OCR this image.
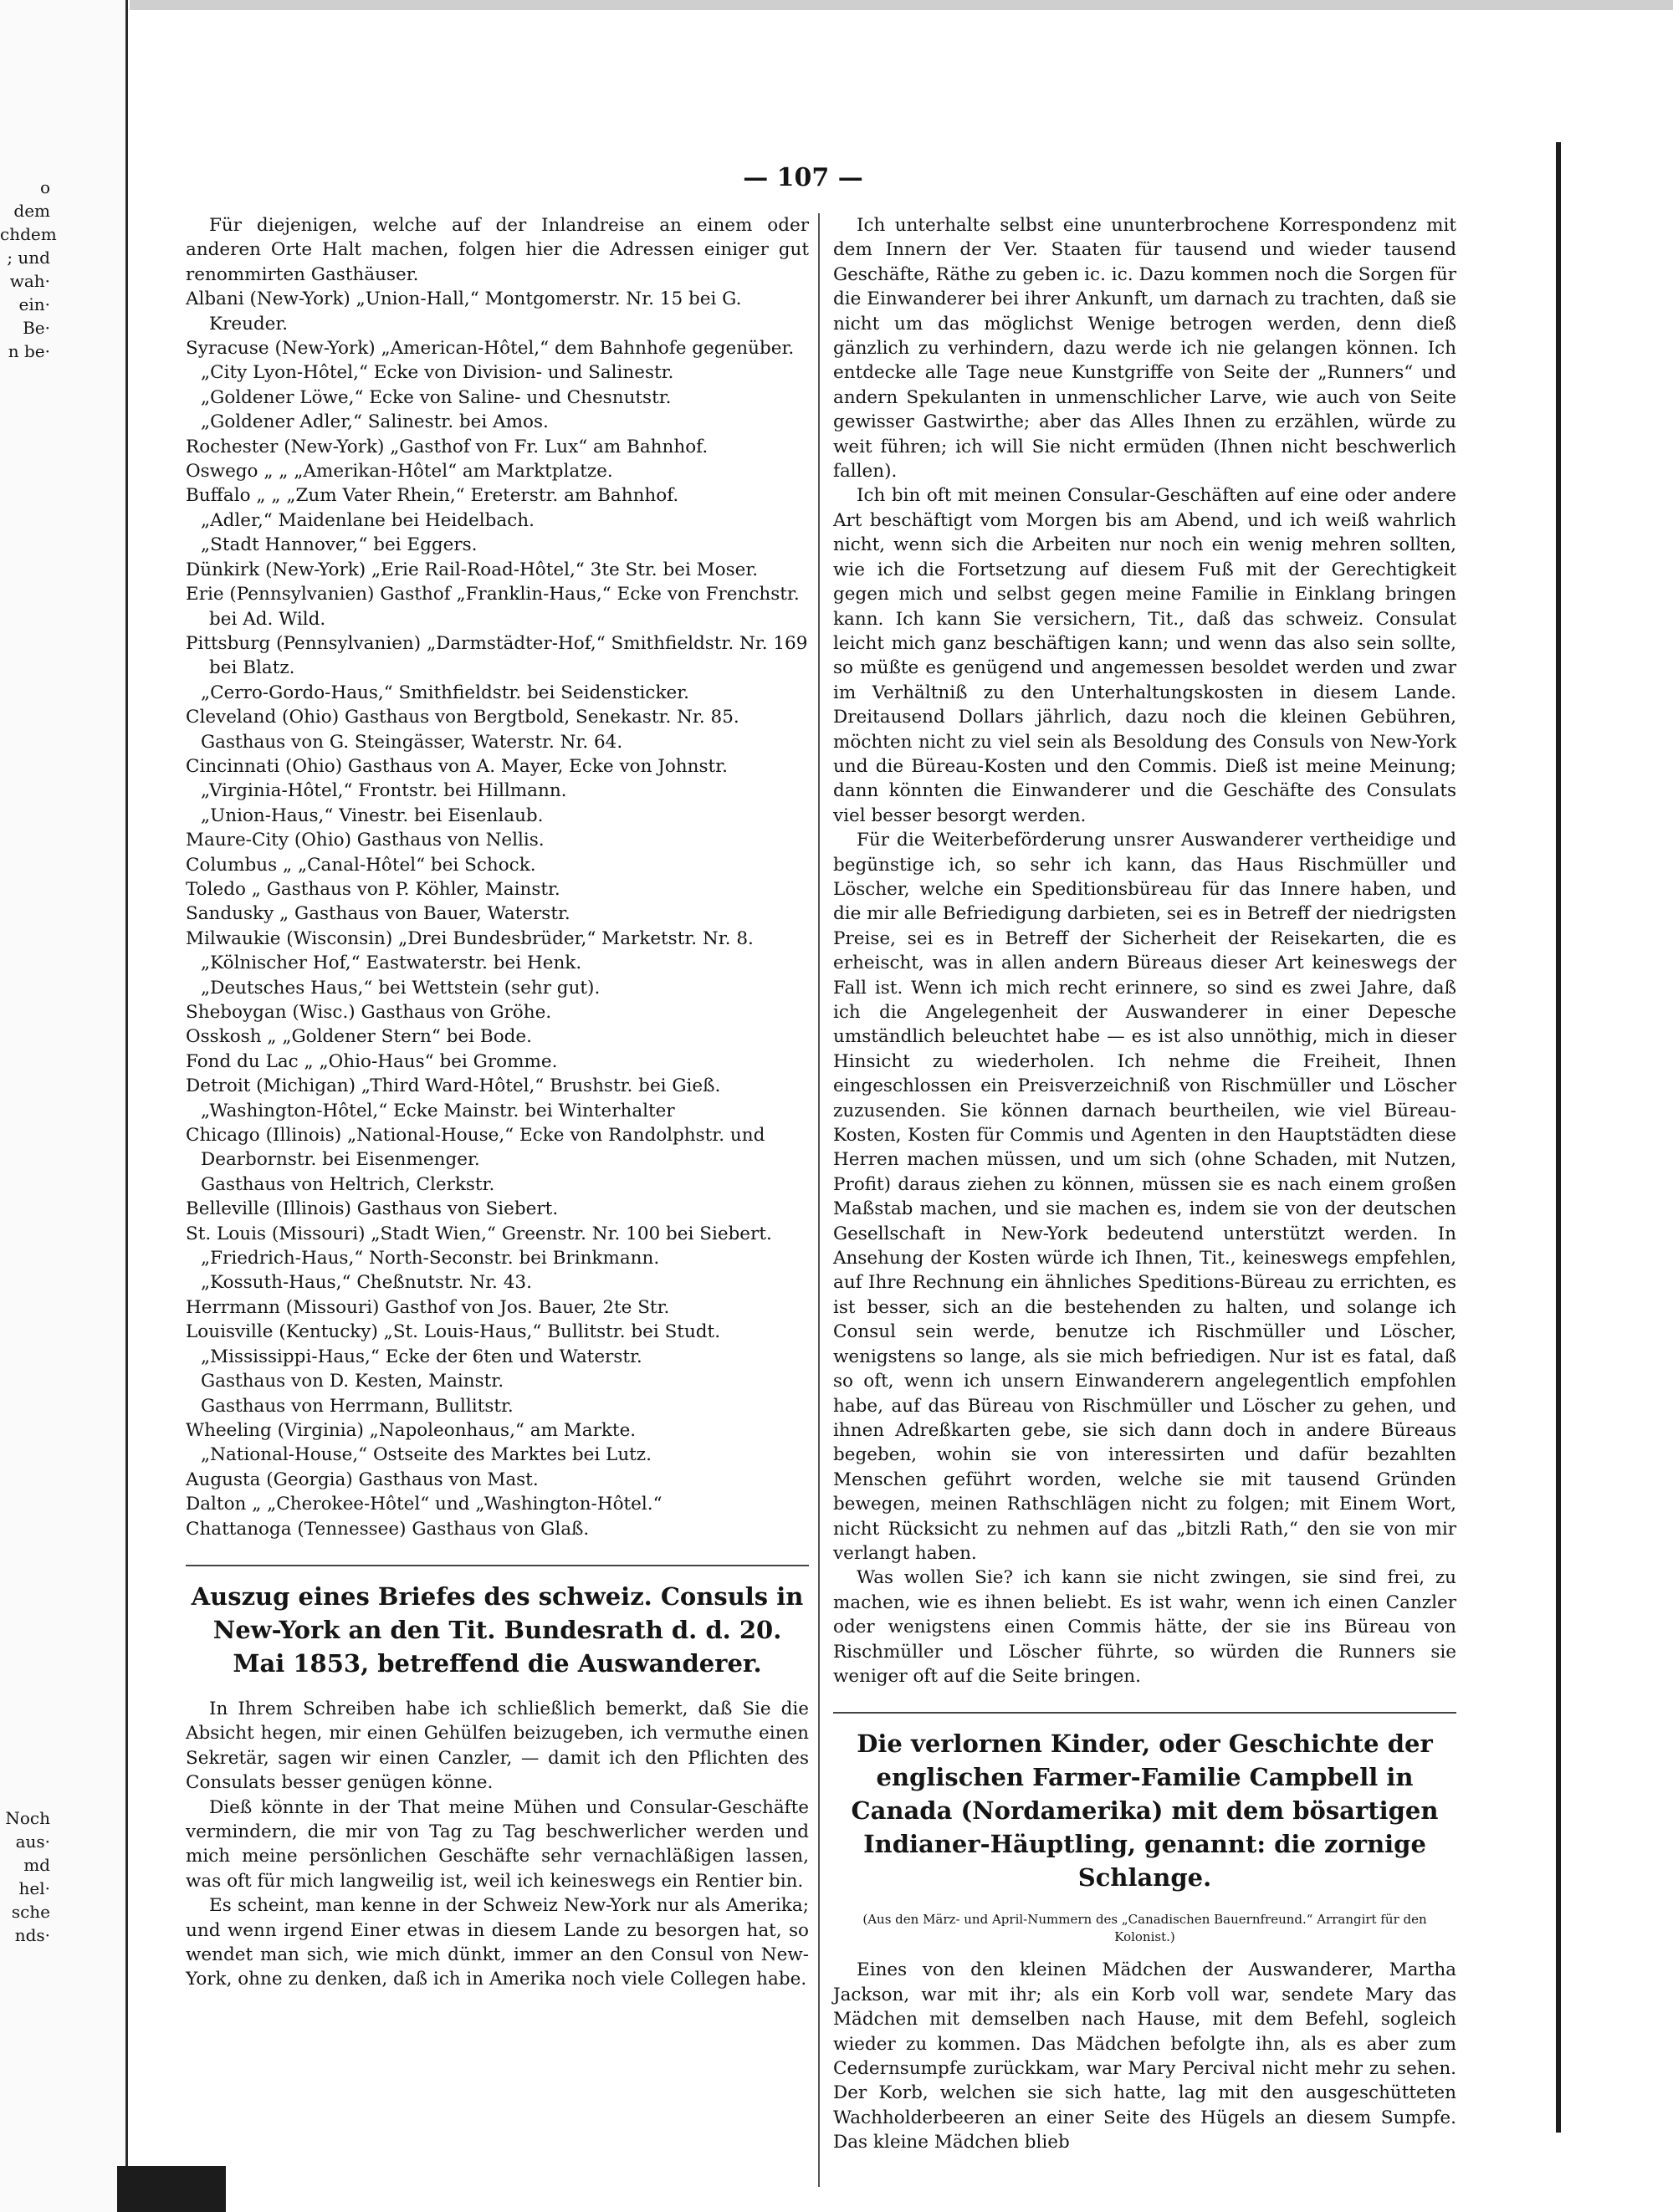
o dem
chdem
; und
wah·
ein·
Be·
n be·
Noch
aus·
md
hel·
sche
nds·
— 107 —

Für diejenigen, welche auf der Inlandreise an einem oder anderen Orte Halt machen, folgen hier die Adressen einiger gut renommirten Gasthäuser.

Albani (New-York) „Union-Hall,“ Montgomerstr. Nr. 15 bei G. Kreuder.

Syracuse (New-York) „American-Hôtel,“ dem Bahnhofe gegenüber.

„City Lyon-Hôtel,“ Ecke von Division- und Salinestr.

„Goldener Löwe,“ Ecke von Saline- und Chesnutstr.

„Goldener Adler,“ Salinestr. bei Amos.

Rochester (New-York) „Gasthof von Fr. Lux“ am Bahnhof.

Oswego „ „ „Amerikan-Hôtel“ am Marktplatze.

Buffalo „ „ „Zum Vater Rhein,“ Ereterstr. am Bahnhof.

„Adler,“ Maidenlane bei Heidelbach.

„Stadt Hannover,“ bei Eggers.

Dünkirk (New-York) „Erie Rail-Road-Hôtel,“ 3te Str. bei Moser.

Erie (Pennsylvanien) Gasthof „Franklin-Haus,“ Ecke von Frenchstr. bei Ad. Wild.

Pittsburg (Pennsylvanien) „Darmstädter-Hof,“ Smithfieldstr. Nr. 169 bei Blatz.

„Cerro-Gordo-Haus,“ Smithfieldstr. bei Seidensticker.

Cleveland (Ohio) Gasthaus von Bergtbold, Senekastr. Nr. 85.

Gasthaus von G. Steingässer, Waterstr. Nr. 64.

Cincinnati (Ohio) Gasthaus von A. Mayer, Ecke von Johnstr.

„Virginia-Hôtel,“ Frontstr. bei Hillmann.

„Union-Haus,“ Vinestr. bei Eisenlaub.

Maure-City (Ohio) Gasthaus von Nellis.

Columbus „ „Canal-Hôtel“ bei Schock.

Toledo „ Gasthaus von P. Köhler, Mainstr.

Sandusky „ Gasthaus von Bauer, Waterstr.

Milwaukie (Wisconsin) „Drei Bundesbrüder,“ Marketstr. Nr. 8.

„Kölnischer Hof,“ Eastwaterstr. bei Henk.

„Deutsches Haus,“ bei Wettstein (sehr gut).

Sheboygan (Wisc.) Gasthaus von Gröhe.

Osskosh „ „Goldener Stern“ bei Bode.

Fond du Lac „ „Ohio-Haus“ bei Gromme.

Detroit (Michigan) „Third Ward-Hôtel,“ Brushstr. bei Gieß.

„Washington-Hôtel,“ Ecke Mainstr. bei Winterhalter

Chicago (Illinois) „National-House,“ Ecke von Randolphstr. und

Dearbornstr. bei Eisenmenger.

Gasthaus von Heltrich, Clerkstr.

Belleville (Illinois) Gasthaus von Siebert.

St. Louis (Missouri) „Stadt Wien,“ Greenstr. Nr. 100 bei Siebert.

„Friedrich-Haus,“ North-Seconstr. bei Brinkmann.

„Kossuth-Haus,“ Cheßnutstr. Nr. 43.

Herrmann (Missouri) Gasthof von Jos. Bauer, 2te Str.

Louisville (Kentucky) „St. Louis-Haus,“ Bullitstr. bei Studt.

„Mississippi-Haus,“ Ecke der 6ten und Waterstr.

Gasthaus von D. Kesten, Mainstr.

Gasthaus von Herrmann, Bullitstr.

Wheeling (Virginia) „Napoleonhaus,“ am Markte.

„National-House,“ Ostseite des Marktes bei Lutz.

Augusta (Georgia) Gasthaus von Mast.

Dalton „ „Cherokee-Hôtel“ und „Washington-Hôtel.“

Chattanoga (Tennessee) Gasthaus von Glaß.

Auszug eines Briefes des schweiz. Consuls in New-York an den Tit. Bundesrath d. d. 20. Mai 1853, betreffend die Auswanderer.

In Ihrem Schreiben habe ich schließlich bemerkt, daß Sie die Absicht hegen, mir einen Gehülfen beizugeben, ich vermuthe einen Sekretär, sagen wir einen Canzler, — damit ich den Pflichten des Consulats besser genügen könne.

Dieß könnte in der That meine Mühen und Consular-Geschäfte vermindern, die mir von Tag zu Tag beschwerlicher werden und mich meine persönlichen Geschäfte sehr vernachläßigen lassen, was oft für mich langweilig ist, weil ich keineswegs ein Rentier bin.

Es scheint, man kenne in der Schweiz New-York nur als Amerika; und wenn irgend Einer etwas in diesem Lande zu besorgen hat, so wendet man sich, wie mich dünkt, immer an den Consul von New-York, ohne zu denken, daß ich in Amerika noch viele Collegen habe.

Ich unterhalte selbst eine ununterbrochene Korrespondenz mit dem Innern der Ver. Staaten für tausend und wieder tausend Geschäfte, Räthe zu geben ic. ic. Dazu kommen noch die Sorgen für die Einwanderer bei ihrer Ankunft, um darnach zu trachten, daß sie nicht um das möglichst Wenige betrogen werden, denn dieß gänzlich zu verhindern, dazu werde ich nie gelangen können. Ich entdecke alle Tage neue Kunstgriffe von Seite der „Runners“ und andern Spekulanten in unmenschlicher Larve, wie auch von Seite gewisser Gastwirthe; aber das Alles Ihnen zu erzählen, würde zu weit führen; ich will Sie nicht ermüden (Ihnen nicht beschwerlich fallen).

Ich bin oft mit meinen Consular-Geschäften auf eine oder andere Art beschäftigt vom Morgen bis am Abend, und ich weiß wahrlich nicht, wenn sich die Arbeiten nur noch ein wenig mehren sollten, wie ich die Fortsetzung auf diesem Fuß mit der Gerechtigkeit gegen mich und selbst gegen meine Familie in Einklang bringen kann. Ich kann Sie versichern, Tit., daß das schweiz. Consulat leicht mich ganz beschäftigen kann; und wenn das also sein sollte, so müßte es genügend und angemessen besoldet werden und zwar im Verhältniß zu den Unterhaltungskosten in diesem Lande. Dreitausend Dollars jährlich, dazu noch die kleinen Gebühren, möchten nicht zu viel sein als Besoldung des Consuls von New-York und die Büreau-Kosten und den Commis. Dieß ist meine Meinung; dann könnten die Einwanderer und die Geschäfte des Consulats viel besser besorgt werden.

Für die Weiterbeförderung unsrer Auswanderer vertheidige und begünstige ich, so sehr ich kann, das Haus Rischmüller und Löscher, welche ein Speditionsbüreau für das Innere haben, und die mir alle Befriedigung darbieten, sei es in Betreff der niedrigsten Preise, sei es in Betreff der Sicherheit der Reisekarten, die es erheischt, was in allen andern Büreaus dieser Art keineswegs der Fall ist. Wenn ich mich recht erinnere, so sind es zwei Jahre, daß ich die Angelegenheit der Auswanderer in einer Depesche umständlich beleuchtet habe — es ist also unnöthig, mich in dieser Hinsicht zu wiederholen. Ich nehme die Freiheit, Ihnen eingeschlossen ein Preisverzeichniß von Rischmüller und Löscher zuzusenden. Sie können darnach beurtheilen, wie viel Büreau-Kosten, Kosten für Commis und Agenten in den Hauptstädten diese Herren machen müssen, und um sich (ohne Schaden, mit Nutzen, Profit) daraus ziehen zu können, müssen sie es nach einem großen Maßstab machen, und sie machen es, indem sie von der deutschen Gesellschaft in New-York bedeutend unterstützt werden. In Ansehung der Kosten würde ich Ihnen, Tit., keineswegs empfehlen, auf Ihre Rechnung ein ähnliches Speditions-Büreau zu errichten, es ist besser, sich an die bestehenden zu halten, und solange ich Consul sein werde, benutze ich Rischmüller und Löscher, wenigstens so lange, als sie mich befriedigen. Nur ist es fatal, daß so oft, wenn ich unsern Einwanderern angelegentlich empfohlen habe, auf das Büreau von Rischmüller und Löscher zu gehen, und ihnen Adreßkarten gebe, sie sich dann doch in andere Büreaus begeben, wohin sie von interessirten und dafür bezahlten Menschen geführt worden, welche sie mit tausend Gründen bewegen, meinen Rathschlägen nicht zu folgen; mit Einem Wort, nicht Rücksicht zu nehmen auf das „bitzli Rath,“ den sie von mir verlangt haben.

Was wollen Sie? ich kann sie nicht zwingen, sie sind frei, zu machen, wie es ihnen beliebt. Es ist wahr, wenn ich einen Canzler oder wenigstens einen Commis hätte, der sie ins Büreau von Rischmüller und Löscher führte, so würden die Runners sie weniger oft auf die Seite bringen.

Die verlornen Kinder, oder Geschichte der englischen Farmer-Familie Campbell in Canada (Nordamerika) mit dem bösartigen Indianer-Häuptling, genannt: die zornige Schlange.
(Aus den März- und April-Nummern des „Canadischen Bauernfreund.“ Arrangirt für den Kolonist.)

Eines von den kleinen Mädchen der Auswanderer, Martha Jackson, war mit ihr; als ein Korb voll war, sendete Mary das Mädchen mit demselben nach Hause, mit dem Befehl, sogleich wieder zu kommen. Das Mädchen befolgte ihn, als es aber zum Cedernsumpfe zurückkam, war Mary Percival nicht mehr zu sehen. Der Korb, welchen sie sich hatte, lag mit den ausgeschütteten Wachholderbeeren an einer Seite des Hügels an diesem Sumpfe. Das kleine Mädchen blieb
